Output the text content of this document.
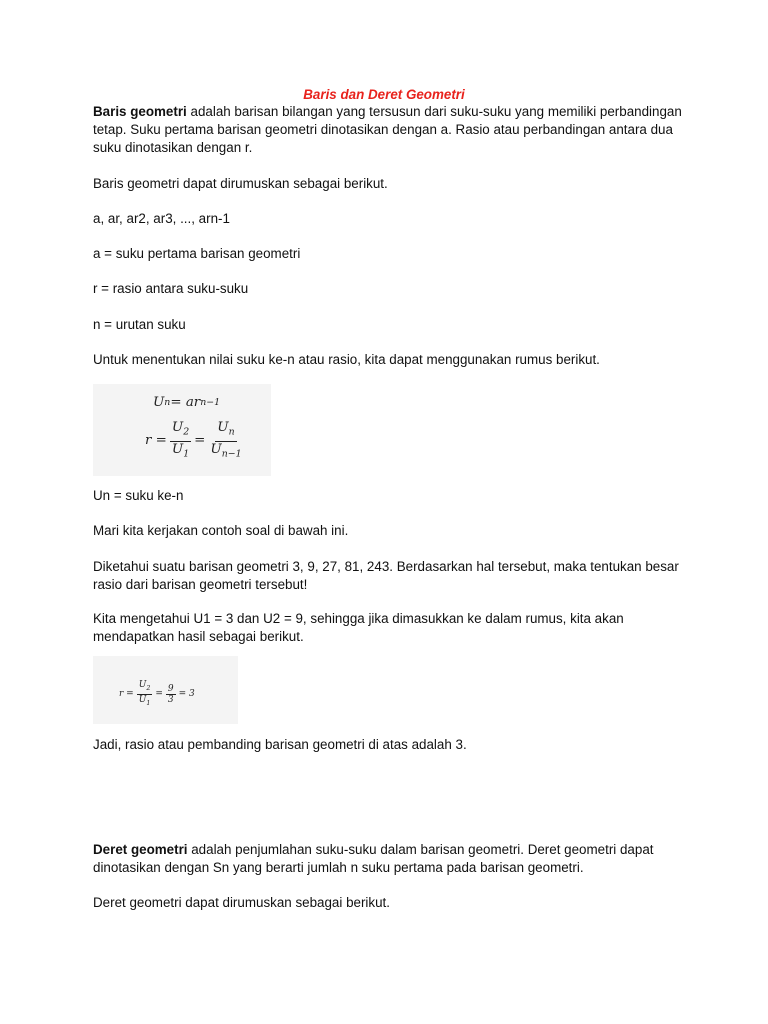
Baris dan Deret Geometri

Baris geometri adalah barisan bilangan yang tersusun dari suku-suku yang memiliki perbandingan tetap. Suku pertama barisan geometri dinotasikan dengan a. Rasio atau perbandingan antara dua suku dinotasikan dengan r.

Baris geometri dapat dirumuskan sebagai berikut.

a, ar, ar2, ar3, ..., arn-1

a = suku pertama barisan geometri

r = rasio antara suku-suku

n = urutan suku

Untuk menentukan nilai suku ke-n atau rasio, kita dapat menggunakan rumus berikut.

U n = ar n−1
$r = \frac{U_2}{U_1} = \frac{U_n}{U_{n-1}}$

Un = suku ke-n

Mari kita kerjakan contoh soal di bawah ini.

Diketahui suatu barisan geometri 3, 9, 27, 81, 243. Berdasarkan hal tersebut, maka tentukan besar rasio dari barisan geometri tersebut!

Kita mengetahui U1 = 3 dan U2 = 9, sehingga jika dimasukkan ke dalam rumus, kita akan mendapatkan hasil sebagai berikut.

$r = \frac{U_2}{U_1} = \frac{9}{3} = 3$

Jadi, rasio atau pembanding barisan geometri di atas adalah 3.

Deret geometri adalah penjumlahan suku-suku dalam barisan geometri. Deret geometri dapat dinotasikan dengan Sn yang berarti jumlah n suku pertama pada barisan geometri.

Deret geometri dapat dirumuskan sebagai berikut.
